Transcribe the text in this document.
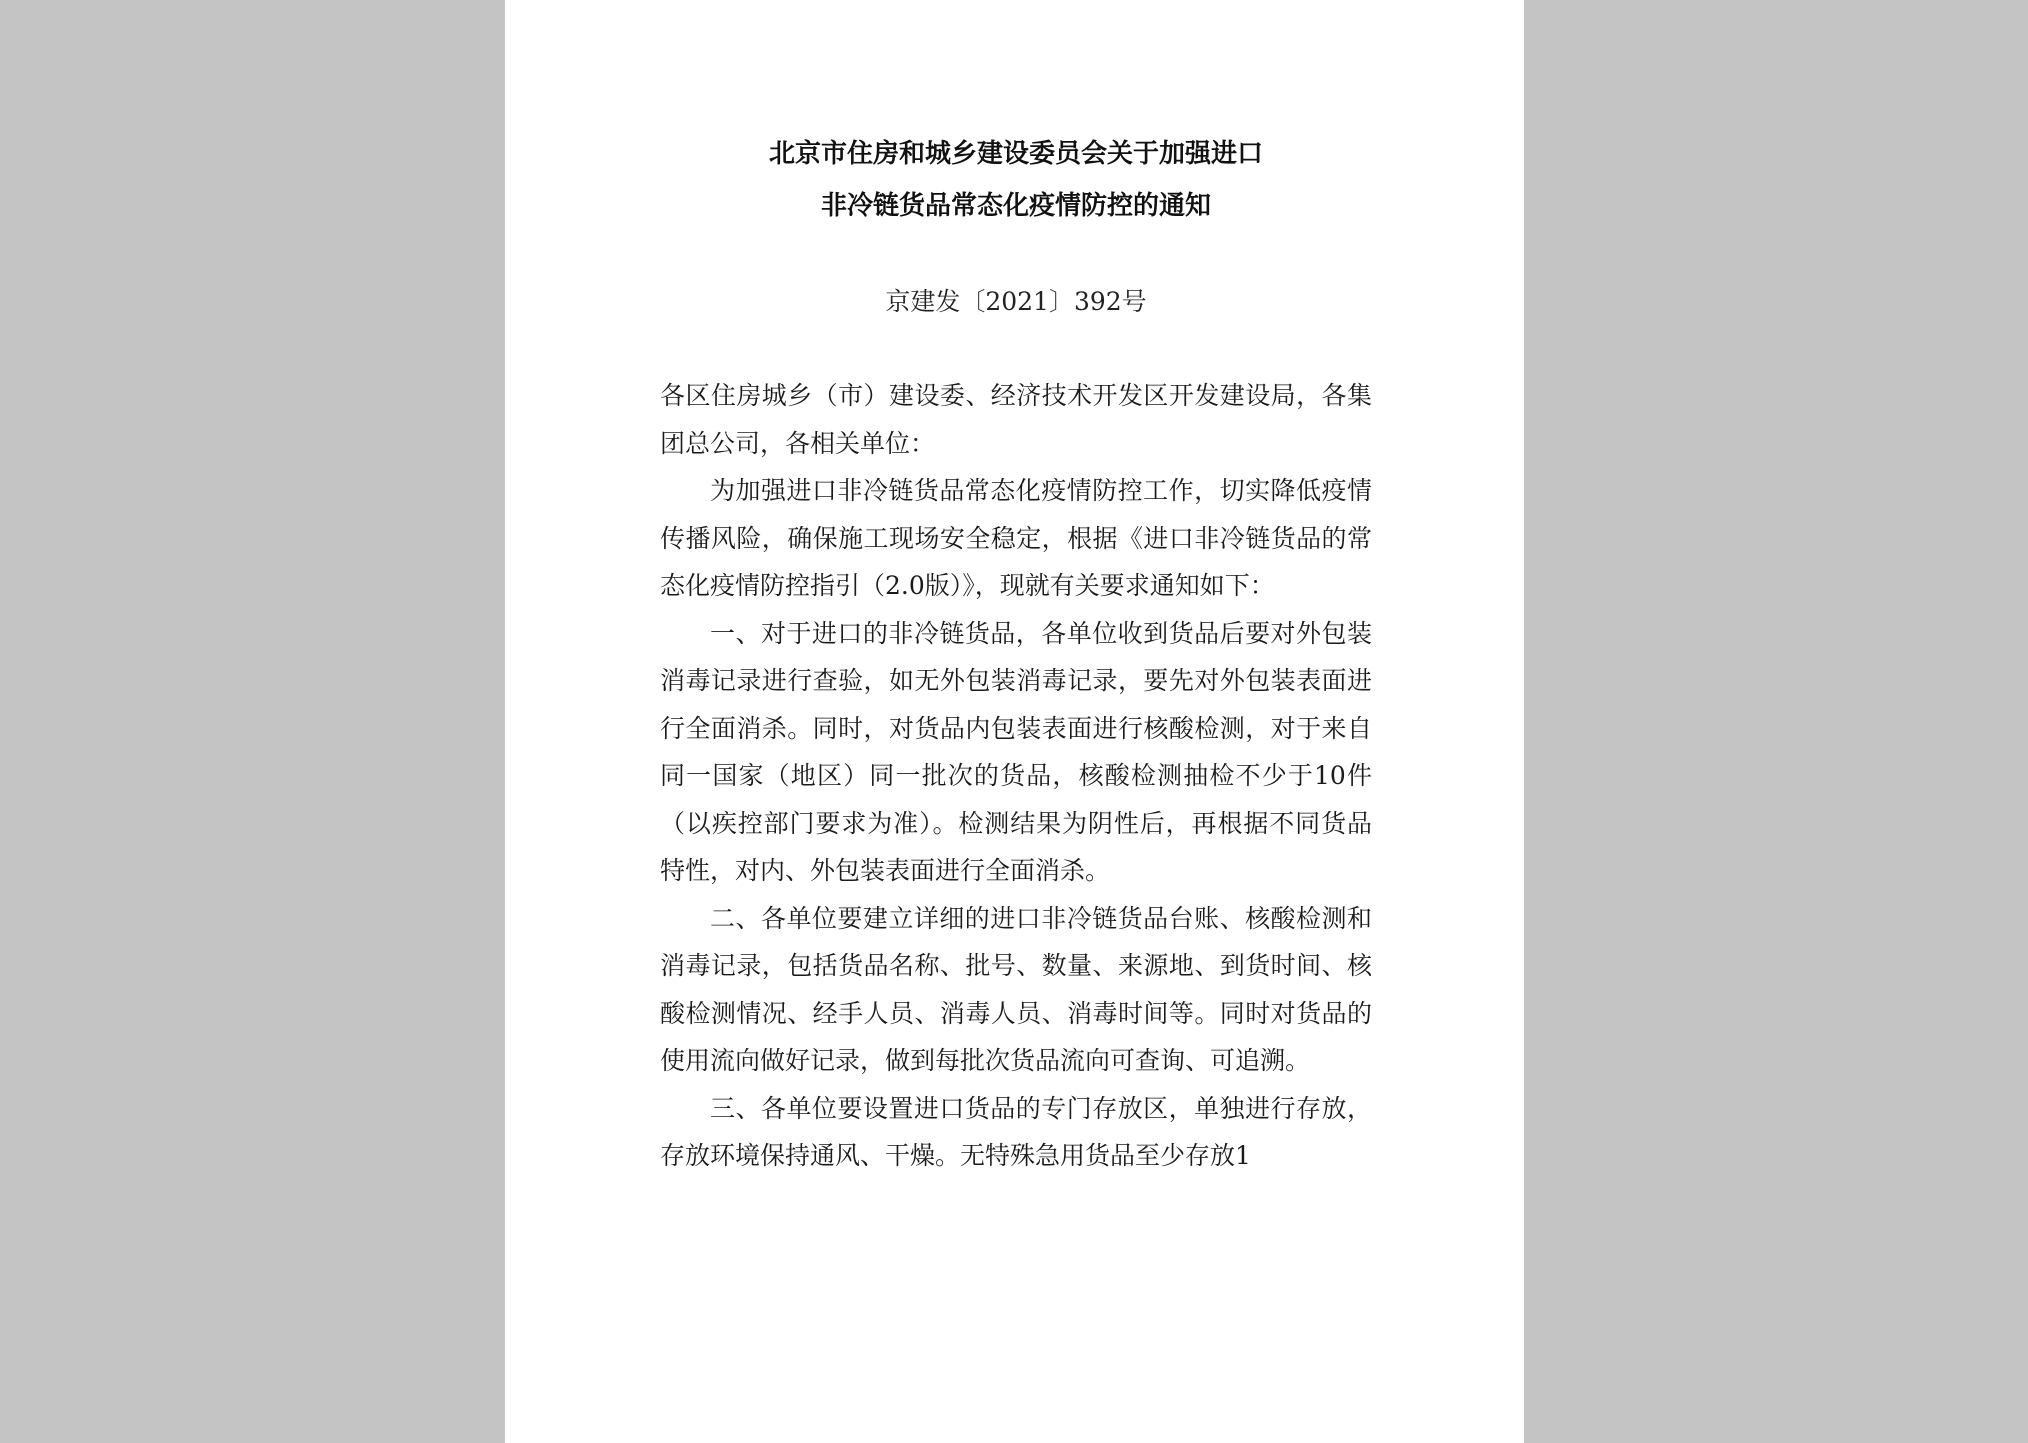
北京市住房和城乡建设委员会关于加强进口
非冷链货品常态化疫情防控的通知
京建发〔2021〕392号
各区住房城乡（市）建设委、经济技术开发区开发建设局，各集团总公司，各相关单位：

为加强进口非冷链货品常态化疫情防控工作，切实降低疫情传播风险，确保施工现场安全稳定，根据《进口非冷链货品的常态化疫情防控指引（2.0版）》，现就有关要求通知如下：

一、对于进口的非冷链货品，各单位收到货品后要对外包装消毒记录进行查验，如无外包装消毒记录，要先对外包装表面进行全面消杀。同时，对货品内包装表面进行核酸检测，对于来自同一国家（地区）同一批次的货品，核酸检测抽检不少于10件（以疾控部门要求为准）。检测结果为阴性后，再根据不同货品特性，对内、外包装表面进行全面消杀。

二、各单位要建立详细的进口非冷链货品台账、核酸检测和消毒记录，包括货品名称、批号、数量、来源地、到货时间、核酸检测情况、经手人员、消毒人员、消毒时间等。同时对货品的使用流向做好记录，做到每批次货品流向可查询、可追溯。

三、各单位要设置进口货品的专门存放区，单独进行存放，存放环境保持通风、干燥。无特殊急用货品至少存放1
